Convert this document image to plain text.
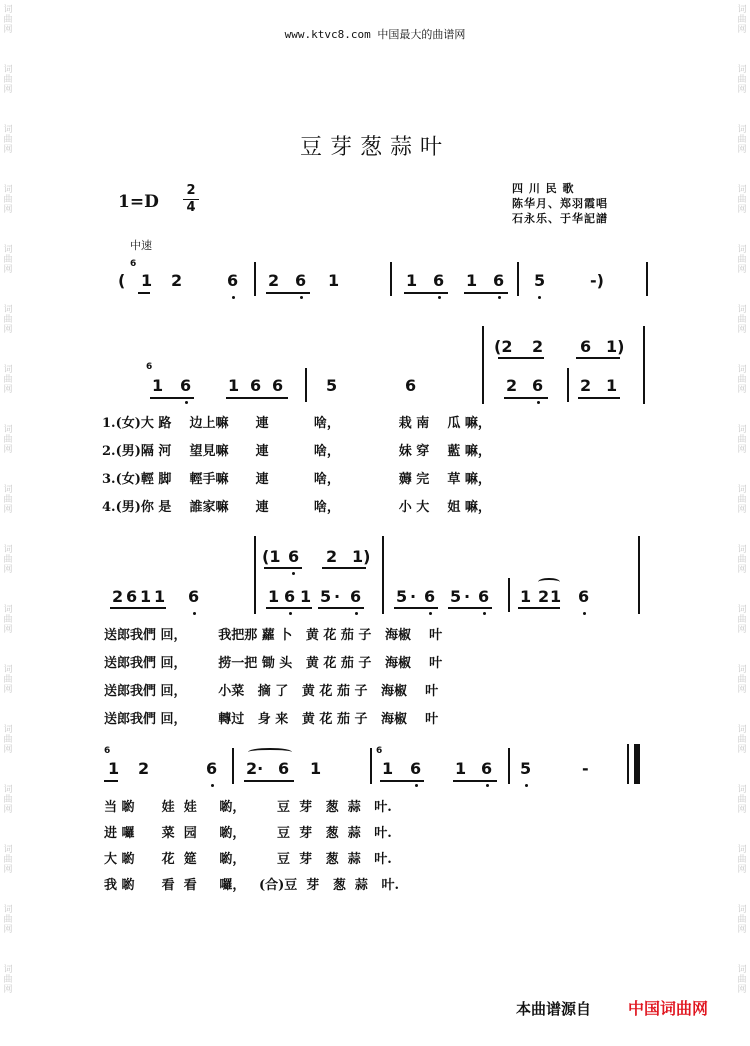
词
曲
网
词
曲
网
词
曲
网
词
曲
网
词
曲
网
词
曲
网
词
曲
网
词
曲
网
词
曲
网
词
曲
网
词
曲
网
词
曲
网
词
曲
网
词
曲
网
词
曲
网
词
曲
网
词
曲
网
词
曲
网
词
曲
网
词
曲
网
词
曲
网
词
曲
网
词
曲
网
词
曲
网
词
曲
网
词
曲
网
词
曲
网
词
曲
网
词
曲
网
词
曲
网
词
曲
网
词
曲
网
词
曲
网
词
曲
网
www.ktvc8.com 中国最大的曲谱网
豆芽葱蒜叶
1=D
2
4
四 川 民 歌
陈华月、郑羽霞唱
石永乐、于华記譜
中速
6
( 1 2	6 2 6 1	1 6 1 6 5	-)
(2 2 6 1)
6
1 6 1 6 6	5	6	2 6 2 1
1.(女)大 路    边上嘛      連          啥，             栽 南    瓜 嘛，
2.(男)隔 河    望見嘛      連          啥，             妹 穿    藍 嘛，
3.(女)輕 脚    輕手嘛      連          啥，             薅 完    草 嘛，
4.(男)你 是    誰家嘛      連          啥，             小 大    姐 嘛，
(1 6 2 1)
2 6 1 1 6	1 6 1 5 · 6 5 · 6 5 · 6 1 2 1 6
送郎我們 回，       我把那 蘿 卜   黄 花 茄 子   海椒    叶
送郎我們 回，       捞一把 锄 头   黄 花 茄 子   海椒    叶
送郎我們 回，       小菜   摘 了   黄 花 茄 子   海椒    叶
送郎我們 回，       轉过   身 来   黄 花 茄 子   海椒    叶
6
1 2	6 2· 6 1
6
1 6 1 6 5	-
当 喲      娃  娃     喲，       豆  芽   葱  蒜   叶.
进 囉      菜  园     喲，       豆  芽   葱  蒜   叶.
大 喲      花  筵     喲，       豆  芽   葱  蒜   叶.
我 喲      看  看     囉，   (合)豆  芽   葱  蒜   叶.
本曲谱源自 中国词曲网
